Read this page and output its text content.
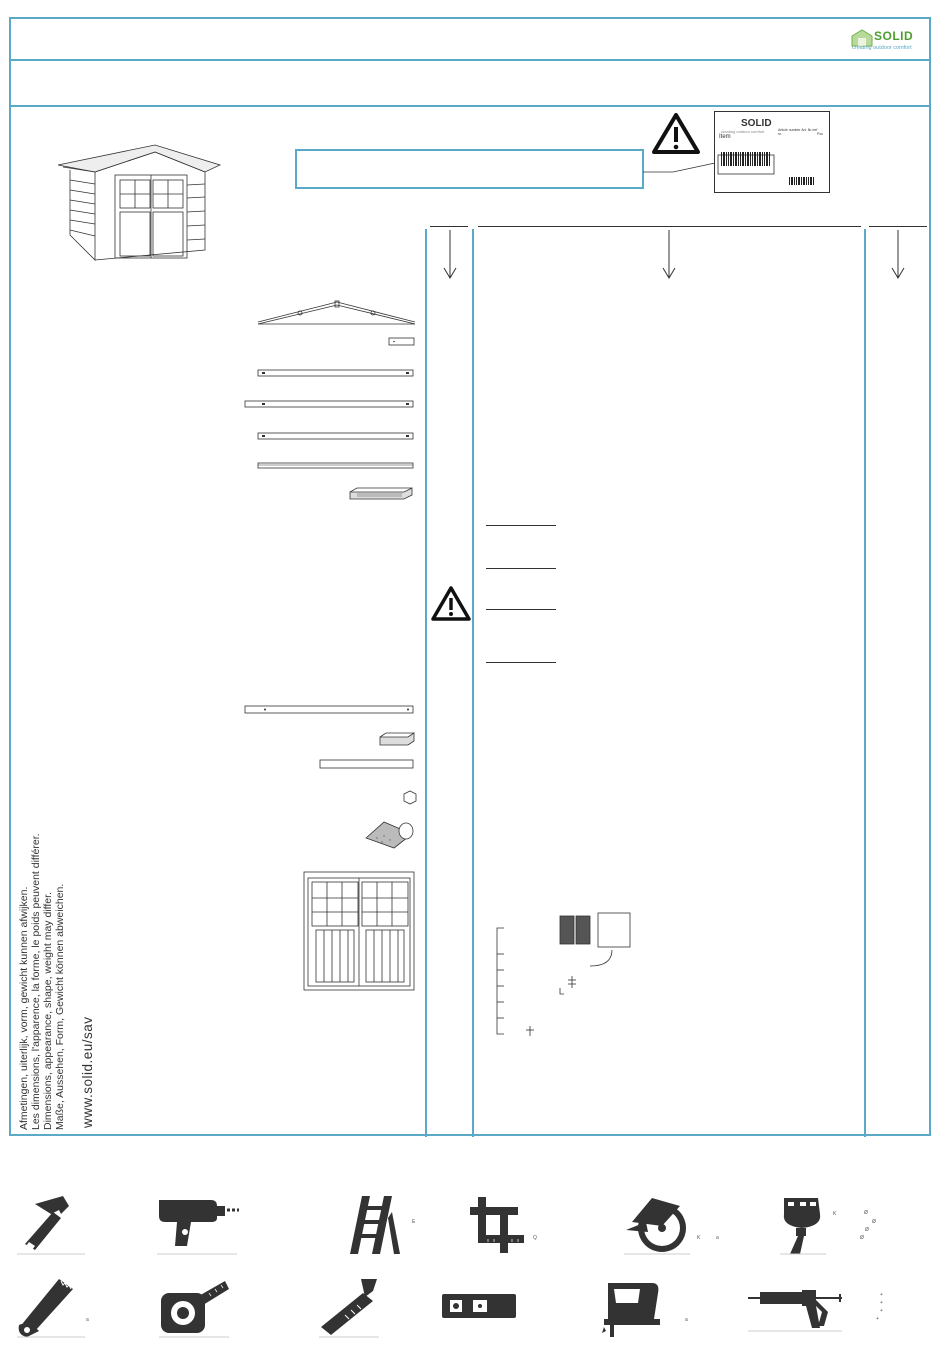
SOLID
creating outdoor comfort
SOLID
creating outdoor comfort
Item
Article number Art. Nr./ref nr.	Pcs
Afmetingen, uiterlijk, vorm, gewicht kunnen afwijken. Les dimensions, l'apparence, la forme, le poids peuvent différer. Dimensions, appearance, shape, weight may differ. Maße, Aussehen, Form, Gewicht können abweichen. www.solid.eu/sav
E
Q	K	a
K	Ø
Ø
Ø
Ø
a	a
+
+
+
+
